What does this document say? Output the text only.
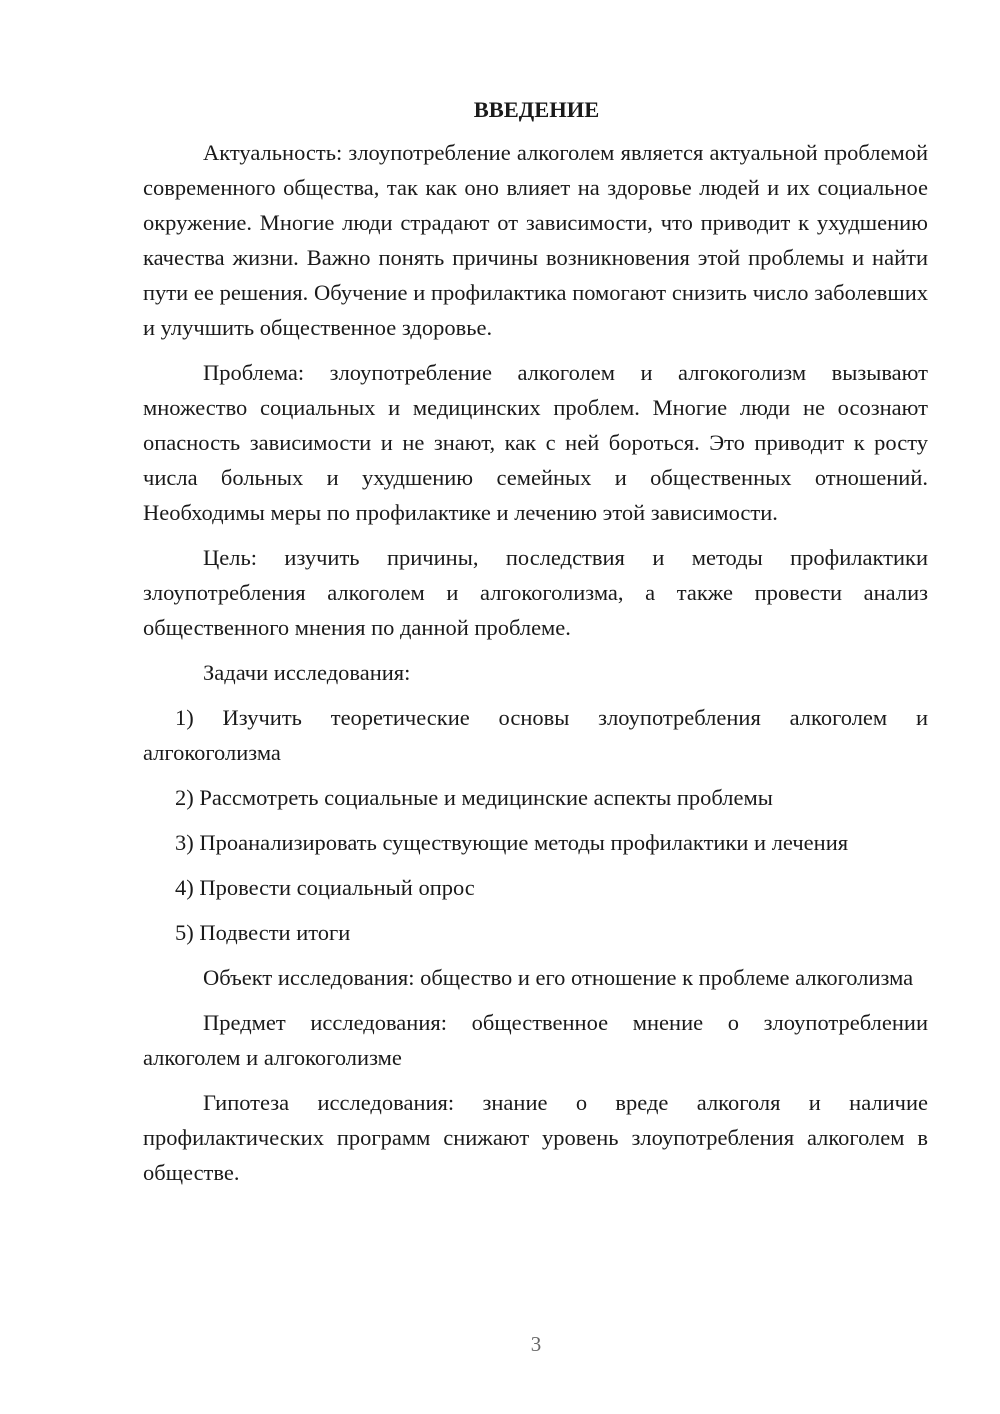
ВВЕДЕНИЕ

Актуальность: злоупотребление алкоголем является актуальной проблемой современного общества, так как оно влияет на здоровье людей и их социальное окружение. Многие люди страдают от зависимости, что приводит к ухудшению качества жизни. Важно понять причины возникновения этой проблемы и найти пути ее решения. Обучение и профилактика помогают снизить число заболевших и улучшить общественное здоровье.

Проблема: злоупотребление алкоголем и алгокоголизм вызывают множество социальных и медицинских проблем. Многие люди не осознают опасность зависимости и не знают, как с ней бороться. Это приводит к росту числа больных и ухудшению семейных и общественных отношений. Необходимы меры по профилактике и лечению этой зависимости.

Цель: изучить причины, последствия и методы профилактики злоупотребления алкоголем и алгокоголизма, а также провести анализ общественного мнения по данной проблеме.

Задачи исследования:

1) Изучить теоретические основы злоупотребления алкоголем и алгокоголизма

2) Рассмотреть социальные и медицинские аспекты проблемы

3) Проанализировать существующие методы профилактики и лечения

4) Провести социальный опрос

5) Подвести итоги

Объект исследования: общество и его отношение к проблеме алкоголизма

Предмет исследования: общественное мнение о злоупотреблении алкоголем и алгокоголизме

Гипотеза исследования: знание о вреде алкоголя и наличие профилактических программ снижают уровень злоупотребления алкоголем в обществе.

3
